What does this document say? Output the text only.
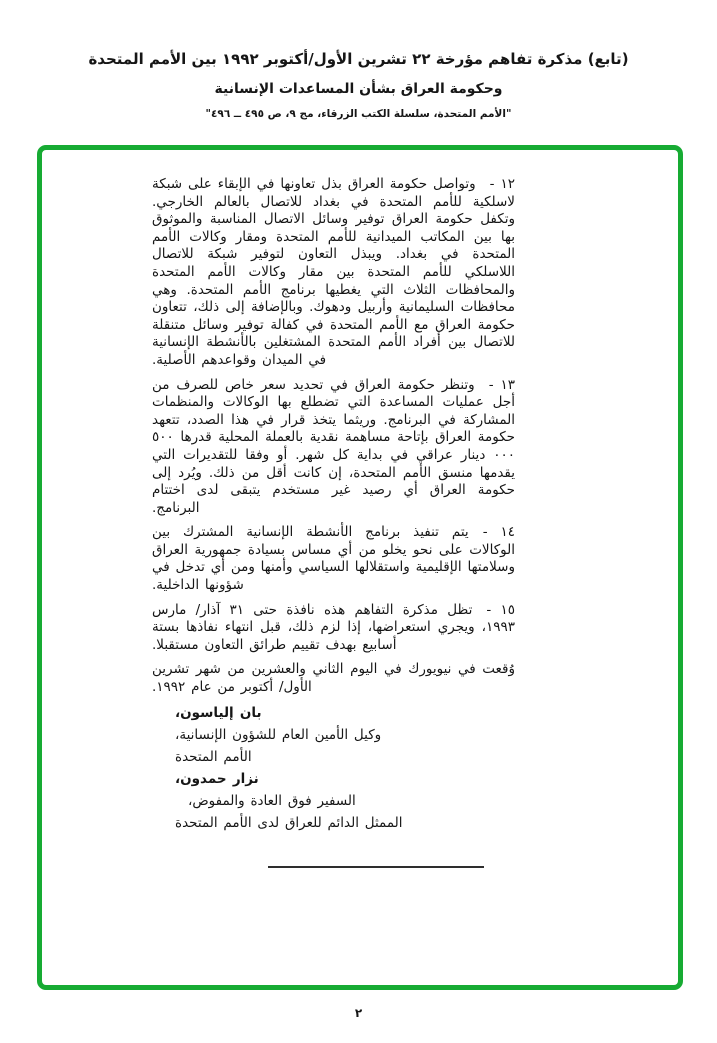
(تابع) مذكرة تفاهم مؤرخة ٢٢ تشرين الأول/أكتوبر ١٩٩٢ بين الأمم المتحدة
وحكومة العراق بشأن المساعدات الإنسانية
"الأمم المتحدة، سلسلة الكتب الزرقاء، مج ٩، ص ٤٩٥ ــ ٤٩٦"

١٢ -وتواصل حكومة العراق بذل تعاونها في الإبقاء على شبكة لاسلكية للأمم المتحدة في بغداد للاتصال بالعالم الخارجي. وتكفل حكومة العراق توفير وسائل الاتصال المناسبة والموثوق بها بين المكاتب الميدانية للأمم المتحدة ومقار وكالات الأمم المتحدة في بغداد. ويبذل التعاون لتوفير شبكة للاتصال اللاسلكي للأمم المتحدة بين مقار وكالات الأمم المتحدة والمحافظات الثلاث التي يغطيها برنامج الأمم المتحدة. وهي محافظات السليمانية وأربيل ودهوك. وبالإضافة إلى ذلك، تتعاون حكومة العراق مع الأمم المتحدة في كفالة توفير وسائل متنقلة للاتصال بين أفراد الأمم المتحدة المشتغلين بالأنشطة الإنسانية في الميدان وقواعدهم الأصلية.

١٣ -وتنظر حكومة العراق في تحديد سعر خاص للصرف من أجل عمليات المساعدة التي تضطلع بها الوكالات والمنظمات المشاركة في البرنامج. وريثما يتخذ قرار في هذا الصدد، تتعهد حكومة العراق بإتاحة مساهمة نقدية بالعملة المحلية قدرها ‪٥٠٠ ٠٠٠‬ دينار عراقي في بداية كل شهر. أو وفقا للتقديرات التي يقدمها منسق الأمم المتحدة، إن كانت أقل من ذلك. ويُرد إلى حكومة العراق أي رصيد غير مستخدم يتبقى لدى اختتام البرنامج.

١٤ -يتم تنفيذ برنامج الأنشطة الإنسانية المشترك بين الوكالات على نحو يخلو من أي مساس بسيادة جمهورية العراق وسلامتها الإقليمية واستقلالها السياسي وأمنها ومن أي تدخل في شؤونها الداخلية.

١٥ -تظل مذكرة التفاهم هذه نافذة حتى ٣١ آذار/ مارس ١٩٩٣، ويجري استعراضها، إذا لزم ذلك، قبل انتهاء نفاذها بستة أسابيع بهدف تقييم طرائق التعاون مستقبلا.

وُقعت في نيويورك في اليوم الثاني والعشرين من شهر تشرين الأول/ أكتوبر من عام ١٩٩٢.

بان إلياسون،
وكيل الأمين العام للشؤون الإنسانية،
الأمم المتحدة
نزار حمدون،
السفير فوق العادة والمفوض،
الممثل الدائم للعراق لدى الأمم المتحدة
٢
